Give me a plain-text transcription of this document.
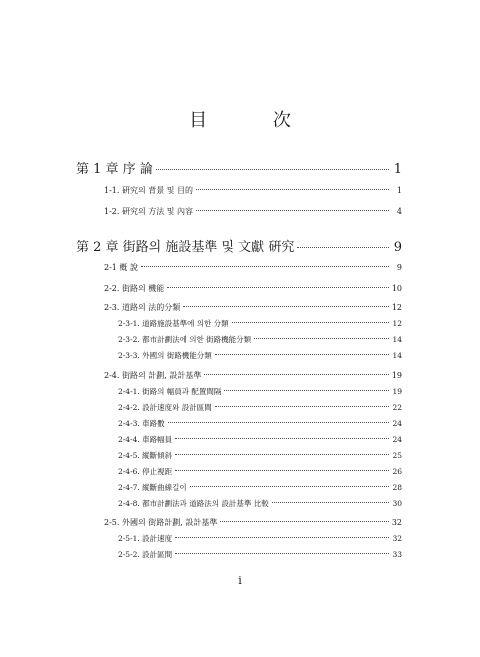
目 次
第 1 章 序 論	1
1-1. 硏究의 背景 및 目的	1
1-2. 硏究의 方法 및 內容	4
第 2 章 街路의 施設基準 및 文獻 硏究	9
2-1 槪 說	9
2-2. 街路의 機能	10
2-3. 道路의 法的分類	12
2-3-1. 道路施設基準에 의한 分類	12
2-3-2. 都市計劃法에 의한 街路機能分類	14
2-3-3. 外國의 街路機能分類	14
2-4. 街路의 計劃, 設計基準	19
2-4-1. 街路의 幅員과 配置間隔	19
2-4-2. 設計速度와 設計區間	22
2-4-3. 車路數	24
2-4-4. 車路幅員	24
2-4-5. 縱斷傾斜	25
2-4-6. 停止視距	26
2-4-7. 縱斷曲線길이	28
2-4-8. 都市計劃法과 道路法의 設計基準 比較	30
2-5. 外國의 街路計劃, 設計基準	32
2-5-1. 設計速度	32
2-5-2. 設計區間	33
i
